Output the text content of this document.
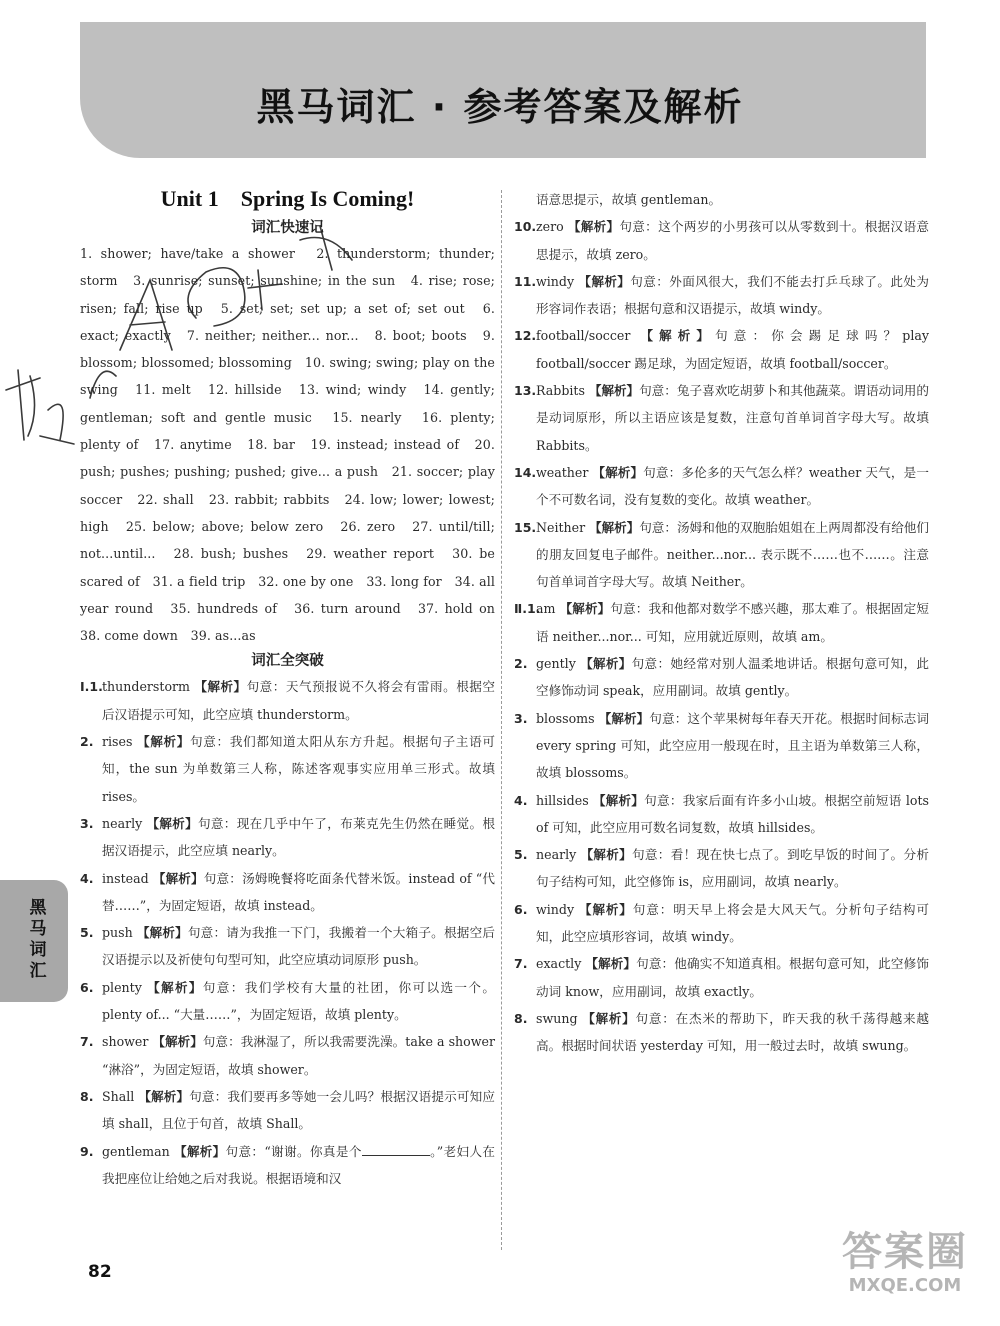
黑马词汇 · 参考答案及解析
黑马词汇
Unit 1　Spring Is Coming!
词汇快速记
1. shower; have/take a shower　2. thunderstorm; thunder; storm　3. sunrise; sunset; sunshine; in the sun　4. rise; rose; risen; fall; rise up　5. set; set; set up; a set of; set out　6. exact; exactly　7. neither; neither... nor...　8. boot; boots　9. blossom; blossomed; blossoming　10. swing; swing; play on the swing　11. melt　12. hillside　13. wind; windy　14. gently; gentleman; soft and gentle music　15. nearly　16. plenty; plenty of　17. anytime　18. bar　19. instead; instead of　20. push; pushes; pushing; pushed; give... a push　21. soccer; play soccer　22. shall　23. rabbit; rabbits　24. low; lower; lowest; high　25. below; above; below zero　26. zero　27. until/till; not...until...　28. bush; bushes　29. weather report　30. be scared of　31. a field trip　32. one by one　33. long for　34. all year round　35. hundreds of　36. turn around　37. hold on　38. come down　39. as...as
词汇全突破
Ⅰ.1. thunderstorm 【解析】句意：天气预报说不久将会有雷雨。根据空后汉语提示可知，此空应填 thunderstorm。
2. rises 【解析】句意：我们都知道太阳从东方升起。根据句子主语可知，the sun 为单数第三人称，陈述客观事实应用单三形式。故填 rises。
3. nearly 【解析】句意：现在几乎中午了，布莱克先生仍然在睡觉。根据汉语提示，此空应填 nearly。
4. instead 【解析】句意：汤姆晚餐将吃面条代替米饭。instead of “代替……”，为固定短语，故填 instead。
5. push 【解析】句意：请为我推一下门，我搬着一个大箱子。根据空后汉语提示以及祈使句句型可知，此空应填动词原形 push。
6. plenty 【解析】句意：我们学校有大量的社团，你可以选一个。plenty of... “大量……”，为固定短语，故填 plenty。
7. shower 【解析】句意：我淋湿了，所以我需要洗澡。take a shower “淋浴”，为固定短语，故填 shower。
8. Shall 【解析】句意：我们要再多等她一会儿吗？根据汉语提示可知应填 shall，且位于句首，故填 Shall。
9. gentleman 【解析】句意：“谢谢。你真是个	。”老妇人在我把座位让给她之后对我说。根据语境和汉
语意思提示，故填 gentleman。
10. zero 【解析】句意：这个两岁的小男孩可以从零数到十。根据汉语意思提示，故填 zero。
11. windy 【解析】句意：外面风很大，我们不能去打乒乓球了。此处为形容词作表语；根据句意和汉语提示，故填 windy。
12. football/soccer 【解析】句意：你会踢足球吗？play football/soccer 踢足球，为固定短语，故填 football/soccer。
13. Rabbits 【解析】句意：兔子喜欢吃胡萝卜和其他蔬菜。谓语动词用的是动词原形，所以主语应该是复数，注意句首单词首字母大写。故填 Rabbits。
14. weather 【解析】句意：多伦多的天气怎么样？weather 天气，是一个不可数名词，没有复数的变化。故填 weather。
15. Neither 【解析】句意：汤姆和他的双胞胎姐姐在上两周都没有给他们的朋友回复电子邮件。neither...nor... 表示既不……也不……。注意句首单词首字母大写。故填 Neither。
Ⅱ.1.
am 【解析】句意：我和他都对数学不感兴趣，那太难了。根据固定短语 neither...nor... 可知，应用就近原则，故填 am。
2. gently 【解析】句意：她经常对别人温柔地讲话。根据句意可知，此空修饰动词 speak，应用副词。故填 gently。
3. blossoms 【解析】句意：这个苹果树每年春天开花。根据时间标志词 every spring 可知，此空应用一般现在时，且主语为单数第三人称，故填 blossoms。
4. hillsides 【解析】句意：我家后面有许多小山坡。根据空前短语 lots of 可知，此空应用可数名词复数，故填 hillsides。
5. nearly 【解析】句意：看！现在快七点了。到吃早饭的时间了。分析句子结构可知，此空修饰 is，应用副词，故填 nearly。
6. windy 【解析】句意：明天早上将会是大风天气。分析句子结构可知，此空应填形容词，故填 windy。
7. exactly 【解析】句意：他确实不知道真相。根据句意可知，此空修饰动词 know，应用副词，故填 exactly。
8. swung 【解析】句意：在杰米的帮助下，昨天我的秋千荡得越来越高。根据时间状语 yesterday 可知，用一般过去时，故填 swung。
82	答案圈
MXQE.COM
